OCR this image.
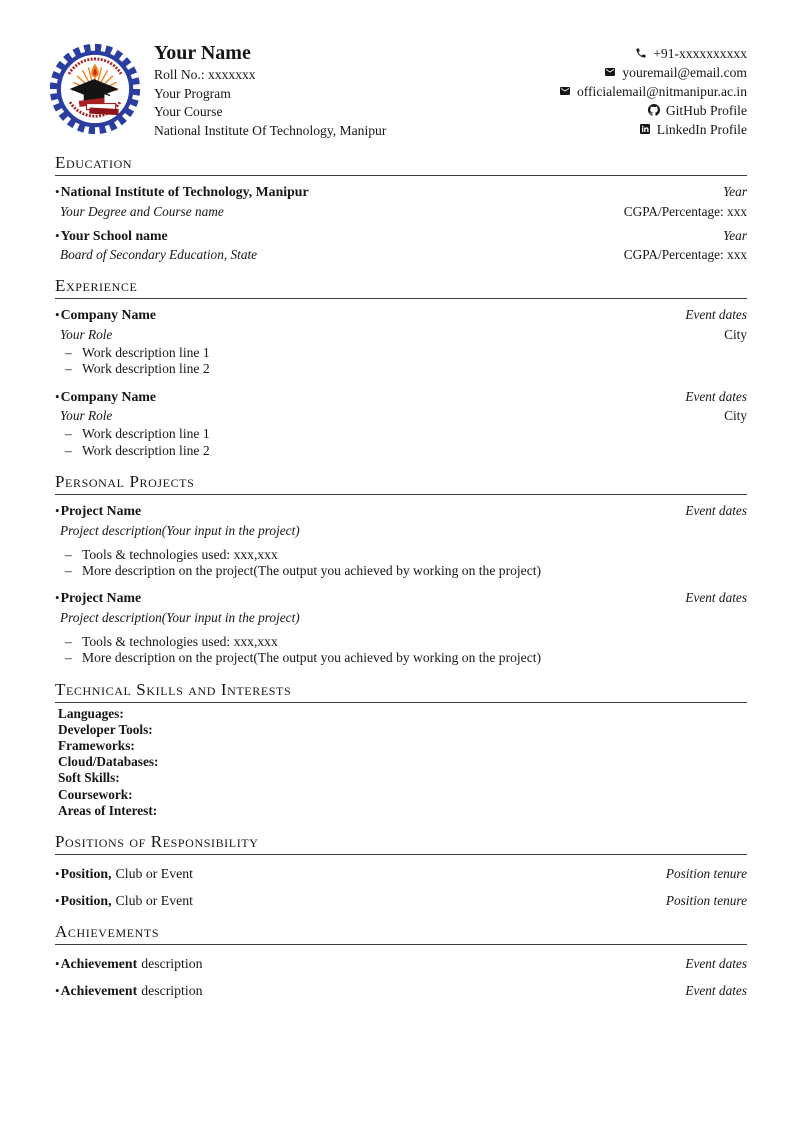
Your Name
Roll No.: xxxxxxx
Your Program
Your Course
National Institute Of Technology, Manipur
+91-xxxxxxxxxx
youremail@email.com
officialemail@nitmanipur.ac.in
GitHub Profile
LinkedIn Profile
Education
•National Institute of Technology, Manipur	Year
Your Degree and Course name	CGPA/Percentage: xxx
•Your School name	Year
Board of Secondary Education, State	CGPA/Percentage: xxx
Experience
•Company Name	Event dates
Your Role	City
– Work description line 1
– Work description line 2
•Company Name	Event dates
Your Role	City
– Work description line 1
– Work description line 2
Personal Projects
•Project Name	Event dates
Project description(Your input in the project)
– Tools & technologies used: xxx,xxx
– More description on the project(The output you achieved by working on the project)
•Project Name	Event dates
Project description(Your input in the project)
– Tools & technologies used: xxx,xxx
– More description on the project(The output you achieved by working on the project)
Technical Skills and Interests
Languages:
Developer Tools:
Frameworks:
Cloud/Databases:
Soft Skills:
Coursework:
Areas of Interest:
Positions of Responsibility
•Position, Club or Event	Position tenure
•Position, Club or Event	Position tenure
Achievements
•Achievement description	Event dates
•Achievement description	Event dates
